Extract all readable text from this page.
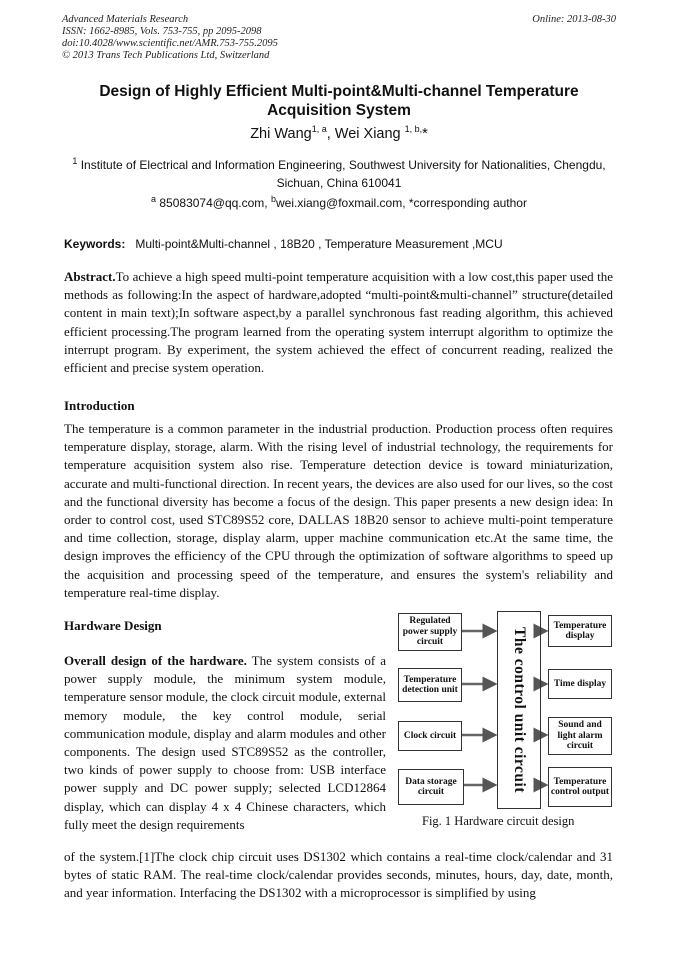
Advanced Materials Research
ISSN: 1662-8985, Vols. 753-755, pp 2095-2098
doi:10.4028/www.scientific.net/AMR.753-755.2095
© 2013 Trans Tech Publications Ltd, Switzerland
Online: 2013-08-30
Design of Highly Efficient Multi-point&Multi-channel Temperature
Acquisition System
Zhi Wang$^{1, a}$, Wei Xiang $^{1, b,}$*
$^1$ Institute of Electrical and Information Engineering, Southwest University for Nationalities, Chengdu,
Sichuan, China 610041
$^a$ 85083074@qq.com, $^b$wei.xiang@foxmail.com, *corresponding author
Keywords: Multi-point&Multi-channel , 18B20 , Temperature Measurement ,MCU
Abstract.To achieve a high speed multi-point temperature acquisition with a low cost,this paper used the methods as following:In the aspect of hardware,adopted “multi-point&multi-channel” structure(detailed content in main text);In software aspect,by a parallel synchronous fast reading algorithm, this achieved efficient processing.The program learned from the operating system interrupt algorithm to optimize the interrupt program. By experiment, the system achieved the effect of concurrent reading, realized the efficient and precise system operation.
Introduction
The temperature is a common parameter in the industrial production. Production process often requires temperature display, storage, alarm. With the rising level of industrial technology, the requirements for temperature acquisition system also rise. Temperature detection device is toward miniaturization, accurate and multi-functional direction. In recent years, the devices are also used for our lives, so the cost and the functional diversity has become a focus of the design. This paper presents a new design idea: In order to control cost, used STC89S52 core, DALLAS 18B20 sensor to achieve multi-point temperature and time collection, storage, display alarm, upper machine communication etc.At the same time, the design improves the efficiency of the CPU through the optimization of software algorithms to speed up the acquisition and processing speed of the temperature, and ensures the system's reliability and temperature real-time display.
Hardware Design
Overall design of the hardware. The system consists of a power supply module, the minimum system module, temperature sensor module, the clock circuit module, external memory module, the key control module, serial communication module, display and alarm modules and other components. The design used STC89S52 as the controller, two kinds of power supply to choose from: USB interface power supply and DC power supply; selected LCD12864 display, which can display 4 x 4 Chinese characters, which fully meet the design requirements
Regulated power supply circuit
Temperature detection unit
Clock circuit
Data storage circuit	The control unit circuit
Temperature display
Time display
Sound and light alarm circuit
Temperature control output
Fig. 1 Hardware circuit design
of the system.[1]The clock chip circuit uses DS1302 which contains a real-time clock/calendar and 31 bytes of static RAM. The real-time clock/calendar provides seconds, minutes, hours, day, date, month, and year information. Interfacing the DS1302 with a microprocessor is simplified by using
